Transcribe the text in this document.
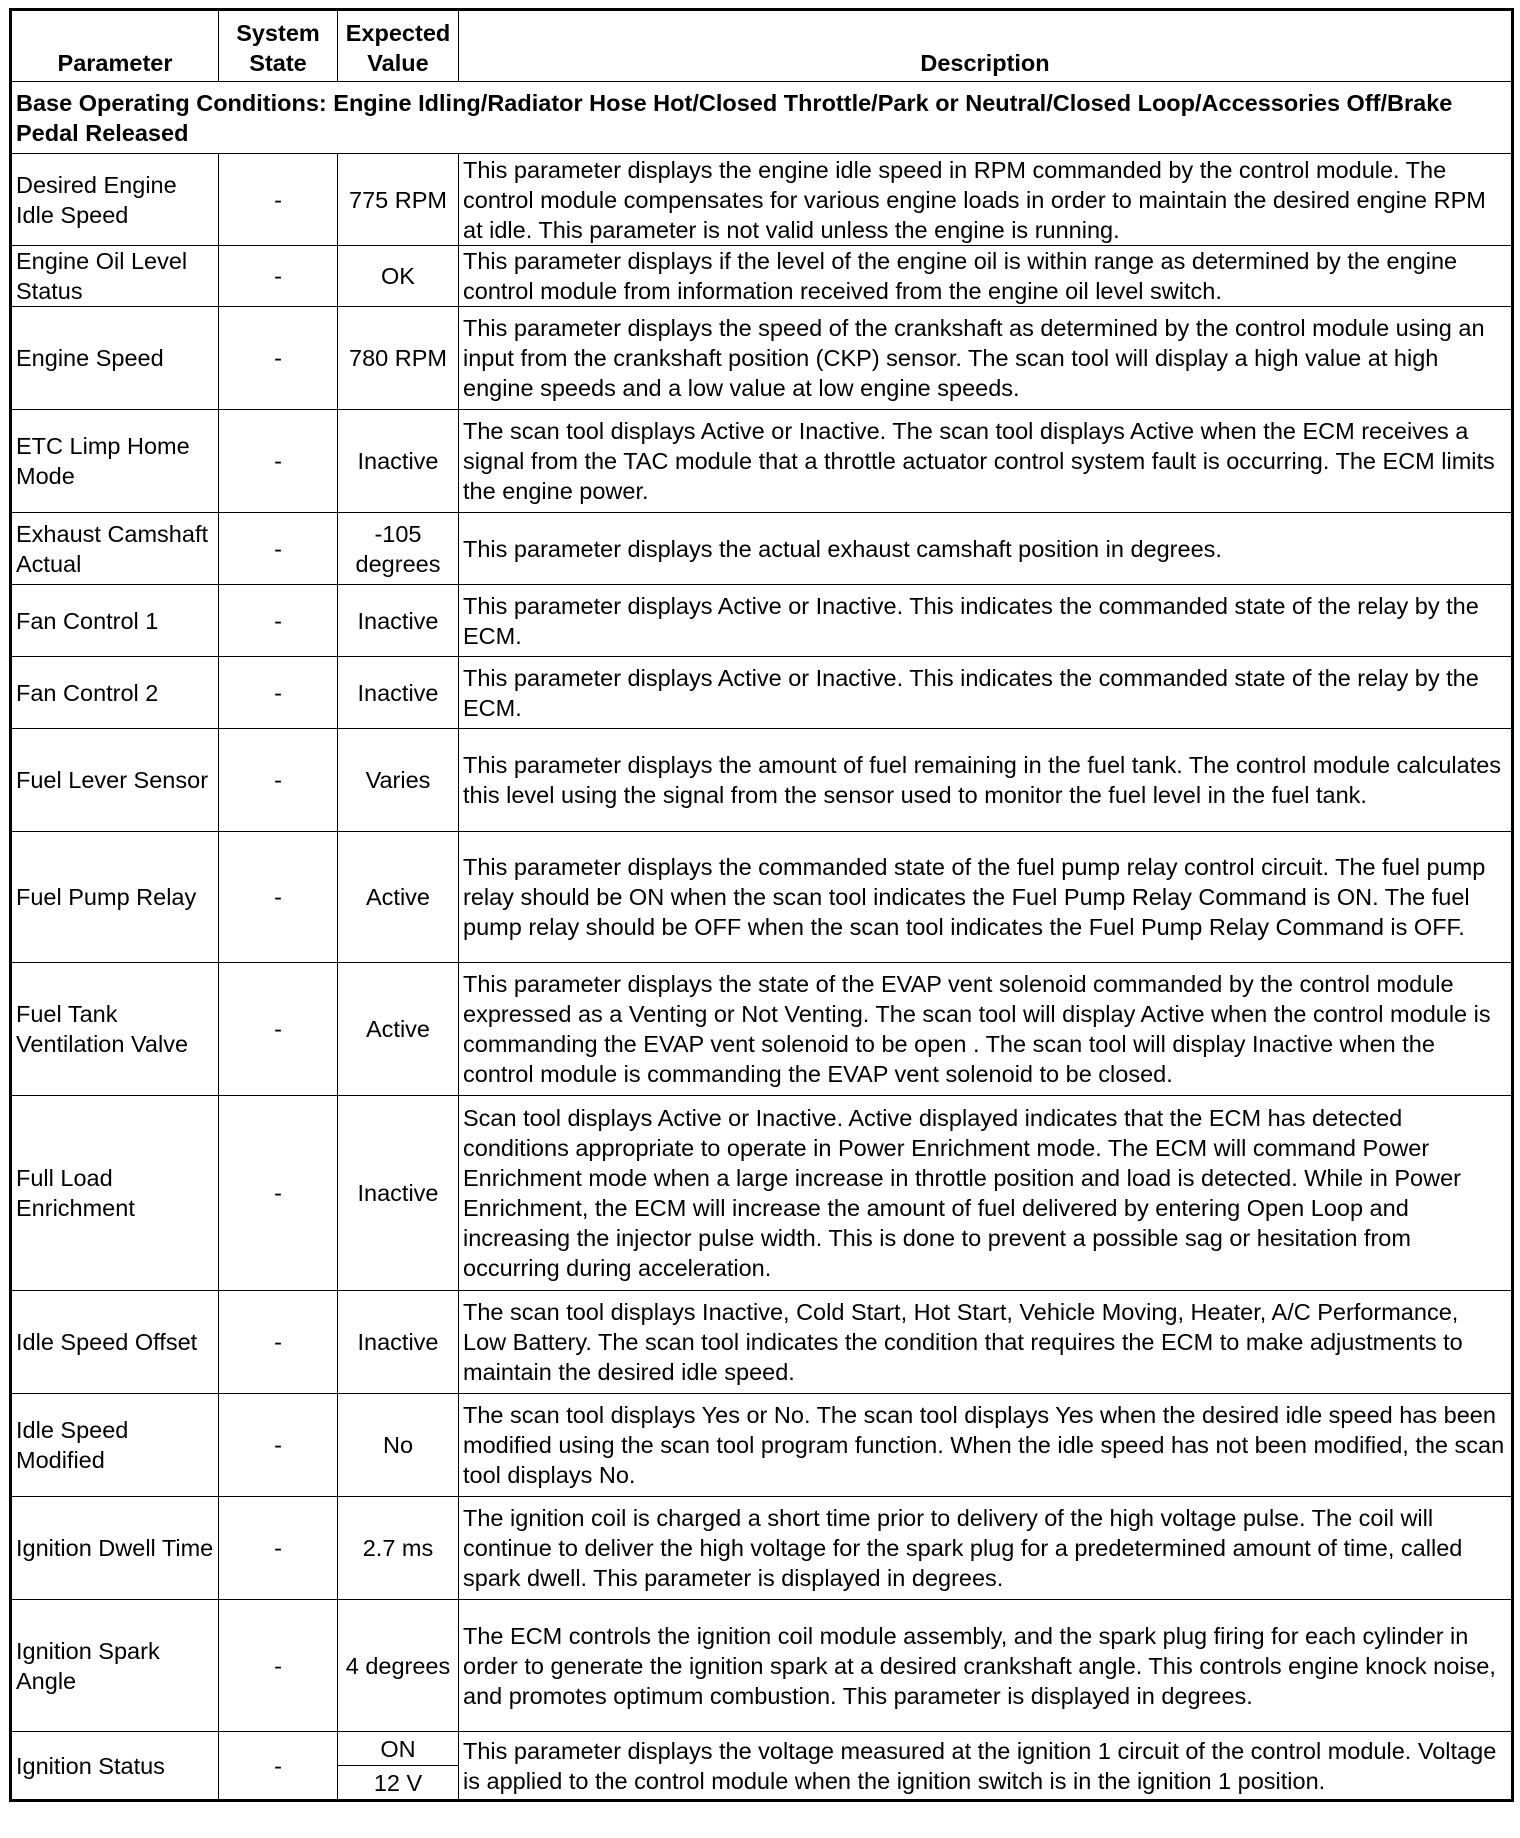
Parameter	System State	Expected Value	Description
Base Operating Conditions: Engine Idling/Radiator Hose Hot/Closed Throttle/Park or Neutral/Closed Loop/Accessories Off/Brake Pedal Released			
Desired Engine Idle Speed	-	775 RPM	This parameter displays the engine idle speed in RPM commanded by the control module. The control module compensates for various engine loads in order to maintain the desired engine RPM at idle. This parameter is not valid unless the engine is running.
Engine Oil Level Status	-	OK	This parameter displays if the level of the engine oil is within range as determined by the engine control module from information received from the engine oil level switch.
Engine Speed	-	780 RPM	This parameter displays the speed of the crankshaft as determined by the control module using an input from the crankshaft position (CKP) sensor. The scan tool will display a high value at high engine speeds and a low value at low engine speeds.
ETC Limp Home Mode	-	Inactive	The scan tool displays Active or Inactive. The scan tool displays Active when the ECM receives a signal from the TAC module that a throttle actuator control system fault is occurring. The ECM limits the engine power.
Exhaust Camshaft Actual	-	-105 degrees	This parameter displays the actual exhaust camshaft position in degrees.
Fan Control 1	-	Inactive	This parameter displays Active or Inactive. This indicates the commanded state of the relay by the ECM.
Fan Control 2	-	Inactive	This parameter displays Active or Inactive. This indicates the commanded state of the relay by the ECM.
Fuel Lever Sensor	-	Varies	This parameter displays the amount of fuel remaining in the fuel tank. The control module calculates this level using the signal from the sensor used to monitor the fuel level in the fuel tank.
Fuel Pump Relay	-	Active	This parameter displays the commanded state of the fuel pump relay control circuit. The fuel pump relay should be ON when the scan tool indicates the Fuel Pump Relay Command is ON. The fuel pump relay should be OFF when the scan tool indicates the Fuel Pump Relay Command is OFF.
Fuel Tank Ventilation Valve	-	Active	This parameter displays the state of the EVAP vent solenoid commanded by the control module expressed as a Venting or Not Venting. The scan tool will display Active when the control module is commanding the EVAP vent solenoid to be open . The scan tool will display Inactive when the control module is commanding the EVAP vent solenoid to be closed.
Full Load Enrichment	-	Inactive	Scan tool displays Active or Inactive. Active displayed indicates that the ECM has detected conditions appropriate to operate in Power Enrichment mode. The ECM will command Power Enrichment mode when a large increase in throttle position and load is detected. While in Power Enrichment, the ECM will increase the amount of fuel delivered by entering Open Loop and increasing the injector pulse width. This is done to prevent a possible sag or hesitation from occurring during acceleration.
Idle Speed Offset	-	Inactive	The scan tool displays Inactive, Cold Start, Hot Start, Vehicle Moving, Heater, A/C Performance, Low Battery. The scan tool indicates the condition that requires the ECM to make adjustments to maintain the desired idle speed.
Idle Speed Modified	-	No	The scan tool displays Yes or No. The scan tool displays Yes when the desired idle speed has been modified using the scan tool program function. When the idle speed has not been modified, the scan tool displays No.
Ignition Dwell Time	-	2.7 ms	The ignition coil is charged a short time prior to delivery of the high voltage pulse. The coil will continue to deliver the high voltage for the spark plug for a predetermined amount of time, called spark dwell. This parameter is displayed in degrees.
Ignition Spark Angle	-	4 degrees	The ECM controls the ignition coil module assembly, and the spark plug firing for each cylinder in order to generate the ignition spark at a desired crankshaft angle. This controls engine knock noise, and promotes optimum combustion. This parameter is displayed in degrees.
Ignition Status	-	ON	This parameter displays the voltage measured at the ignition 1 circuit of the control module. Voltage is applied to the control module when the ignition switch is in the ignition 1 position.
		12 V	
